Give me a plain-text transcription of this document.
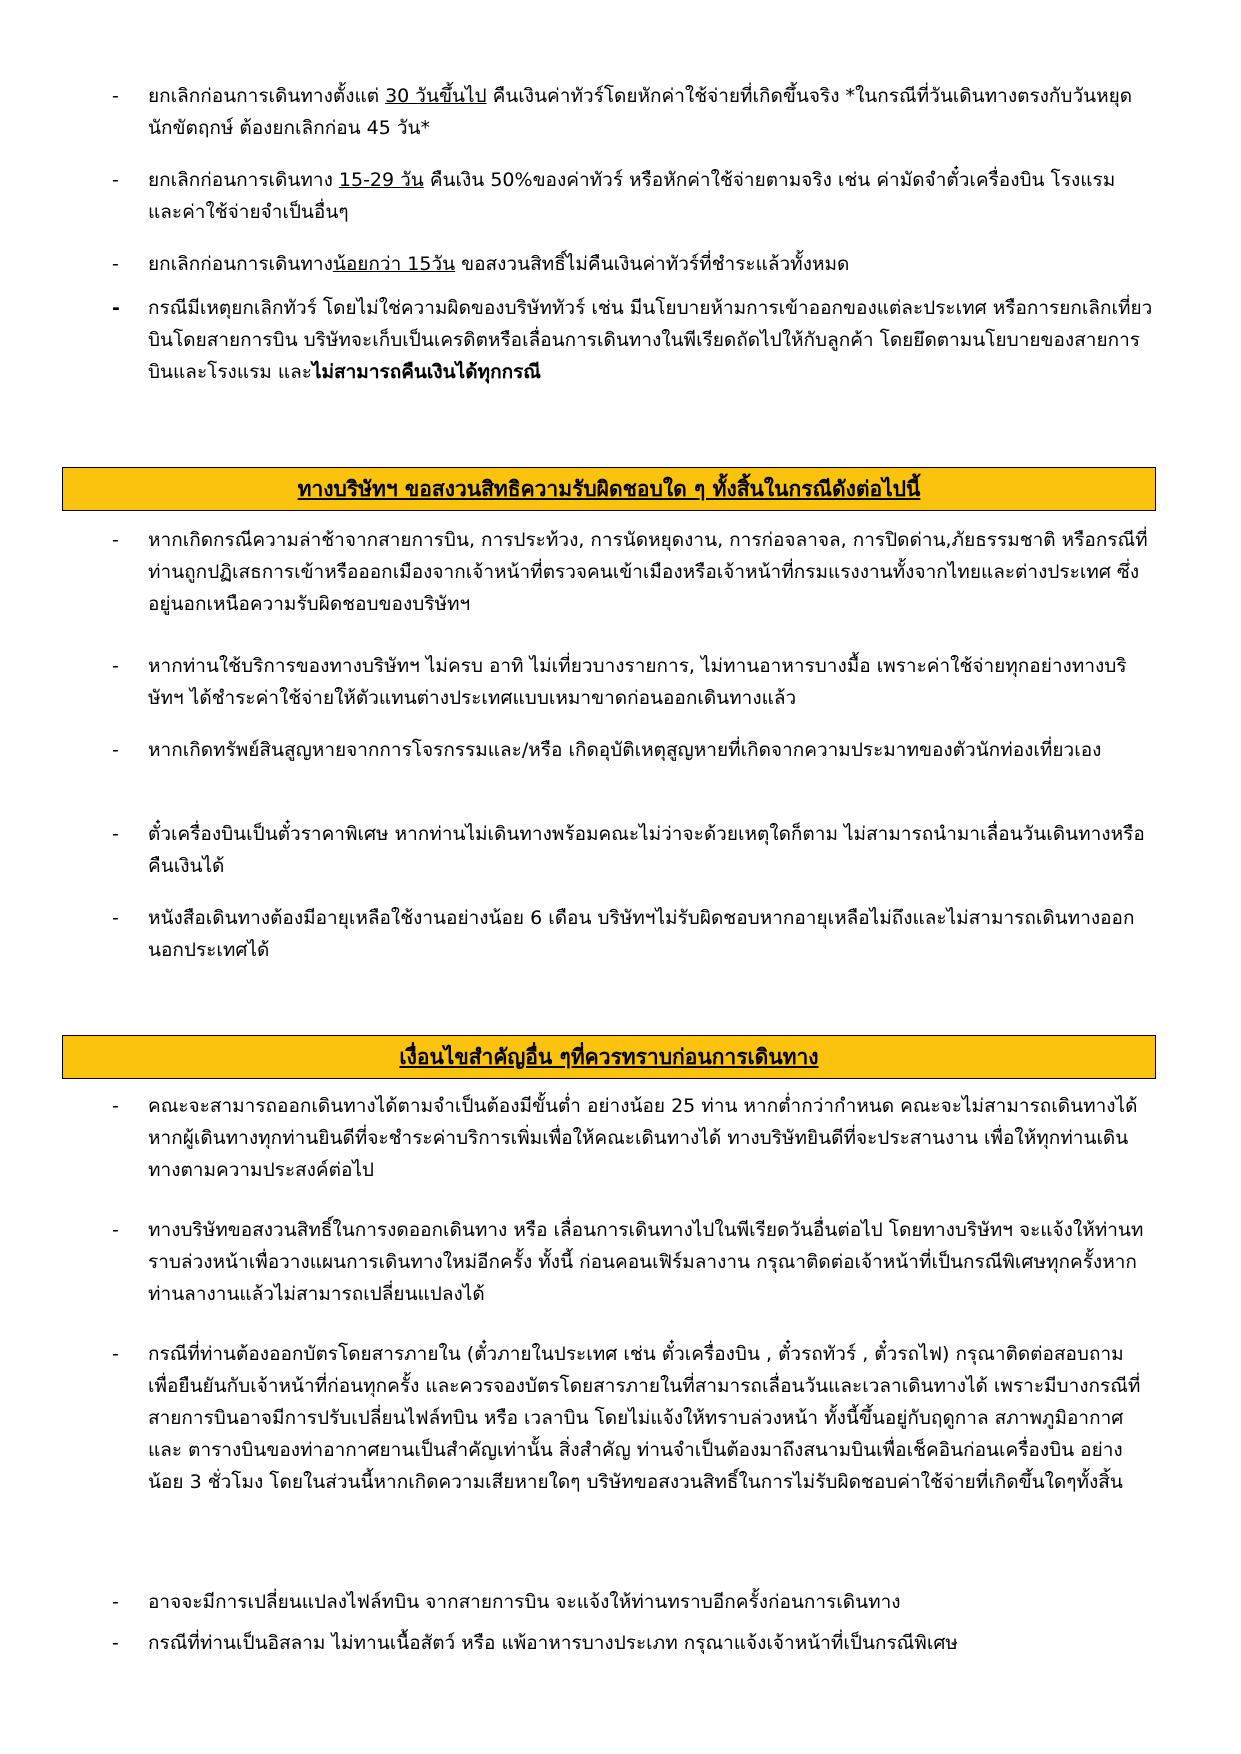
- ยกเลิกก่อนการเดินทางตั้งแต่ 30 วันขึ้นไป คืนเงินค่าทัวร์โดยหักค่าใช้จ่ายที่เกิดขึ้นจริง *ในกรณีที่วันเดินทางตรงกับวันหยุดนักขัตฤกษ์ ต้องยกเลิกก่อน 45 วัน*

- ยกเลิกก่อนการเดินทาง 15-29 วัน คืนเงิน 50%ของค่าทัวร์ หรือหักค่าใช้จ่ายตามจริง เช่น ค่ามัดจำตั๋วเครื่องบิน โรงแรม และค่าใช้จ่ายจำเป็นอื่นๆ

- ยกเลิกก่อนการเดินทางน้อยกว่า 15วัน ขอสงวนสิทธิ์ไม่คืนเงินค่าทัวร์ที่ชำระแล้วทั้งหมด

- กรณีมีเหตุยกเลิกทัวร์ โดยไม่ใช่ความผิดของบริษัททัวร์ เช่น มีนโยบายห้ามการเข้าออกของแต่ละประเทศ หรือการยกเลิกเที่ยวบินโดยสายการบิน บริษัทจะเก็บเป็นเครดิตหรือเลื่อนการเดินทางในพีเรียดถัดไปให้กับลูกค้า โดยยึดตามนโยบายของสายการบินและโรงแรม และไม่สามารถคืนเงินได้ทุกกรณี

ทางบริษัทฯ ขอสงวนสิทธิความรับผิดชอบใด ๆ ทั้งสิ้นในกรณีดังต่อไปนี้
- หากเกิดกรณีความล่าช้าจากสายการบิน, การประท้วง, การนัดหยุดงาน, การก่อจลาจล, การปิดด่าน,ภัยธรรมชาติ หรือกรณีที่ท่านถูกปฏิเสธการเข้าหรือออกเมืองจากเจ้าหน้าที่ตรวจคนเข้าเมืองหรือเจ้าหน้าที่กรมแรงงานทั้งจากไทยและต่างประเทศ ซึ่งอยู่นอกเหนือความรับผิดชอบของบริษัทฯ

- หากท่านใช้บริการของทางบริษัทฯ ไม่ครบ อาทิ ไม่เที่ยวบางรายการ, ไม่ทานอาหารบางมื้อ เพราะค่าใช้จ่ายทุกอย่างทางบริษัทฯ ได้ชำระค่าใช้จ่ายให้ตัวแทนต่างประเทศแบบเหมาขาดก่อนออกเดินทางแล้ว

- หากเกิดทรัพย์สินสูญหายจากการโจรกรรมและ/หรือ เกิดอุบัติเหตุสูญหายที่เกิดจากความประมาทของตัวนักท่องเที่ยวเอง

- ตั๋วเครื่องบินเป็นตั๋วราคาพิเศษ หากท่านไม่เดินทางพร้อมคณะไม่ว่าจะด้วยเหตุใดก็ตาม ไม่สามารถนำมาเลื่อนวันเดินทางหรือคืนเงินได้

- หนังสือเดินทางต้องมีอายุเหลือใช้งานอย่างน้อย 6 เดือน บริษัทฯไม่รับผิดชอบหากอายุเหลือไม่ถึงและไม่สามารถเดินทางออกนอกประเทศได้

เงื่อนไขสำคัญอื่น ๆที่ควรทราบก่อนการเดินทาง
- คณะจะสามารถออกเดินทางได้ตามจำเป็นต้องมีขั้นต่ำ อย่างน้อย 25 ท่าน หากต่ำกว่ากำหนด คณะจะไม่สามารถเดินทางได้ หากผู้เดินทางทุกท่านยินดีที่จะชำระค่าบริการเพิ่มเพื่อให้คณะเดินทางได้ ทางบริษัทยินดีที่จะประสานงาน เพื่อให้ทุกท่านเดินทางตามความประสงค์ต่อไป

- ทางบริษัทขอสงวนสิทธิ์ในการงดออกเดินทาง หรือ เลื่อนการเดินทางไปในพีเรียดวันอื่นต่อไป โดยทางบริษัทฯ จะแจ้งให้ท่านทราบล่วงหน้าเพื่อวางแผนการเดินทางใหม่อีกครั้ง ทั้งนี้ ก่อนคอนเฟิร์มลางาน กรุณาติดต่อเจ้าหน้าที่เป็นกรณีพิเศษทุกครั้งหากท่านลางานแล้วไม่สามารถเปลี่ยนแปลงได้

- กรณีที่ท่านต้องออกบัตรโดยสารภายใน (ตั๋วภายในประเทศ เช่น ตั๋วเครื่องบิน , ตั๋วรถทัวร์ , ตั๋วรถไฟ) กรุณาติดต่อสอบถามเพื่อยืนยันกับเจ้าหน้าที่ก่อนทุกครั้ง และควรจองบัตรโดยสารภายในที่สามารถเลื่อนวันและเวลาเดินทางได้ เพราะมีบางกรณีที่สายการบินอาจมีการปรับเปลี่ยนไฟล์ทบิน หรือ เวลาบิน โดยไม่แจ้งให้ทราบล่วงหน้า ทั้งนี้ขึ้นอยู่กับฤดูกาล สภาพภูมิอากาศ และ ตารางบินของท่าอากาศยานเป็นสำคัญเท่านั้น สิ่งสำคัญ ท่านจำเป็นต้องมาถึงสนามบินเพื่อเช็คอินก่อนเครื่องบิน อย่างน้อย 3 ชั่วโมง โดยในส่วนนี้หากเกิดความเสียหายใดๆ บริษัทขอสงวนสิทธิ์ในการไม่รับผิดชอบค่าใช้จ่ายที่เกิดขึ้นใดๆทั้งสิ้น

- อาจจะมีการเปลี่ยนแปลงไฟล์ทบิน จากสายการบิน จะแจ้งให้ท่านทราบอีกครั้งก่อนการเดินทาง

- กรณีที่ท่านเป็นอิสลาม ไม่ทานเนื้อสัตว์ หรือ แพ้อาหารบางประเภท กรุณาแจ้งเจ้าหน้าที่เป็นกรณีพิเศษ
